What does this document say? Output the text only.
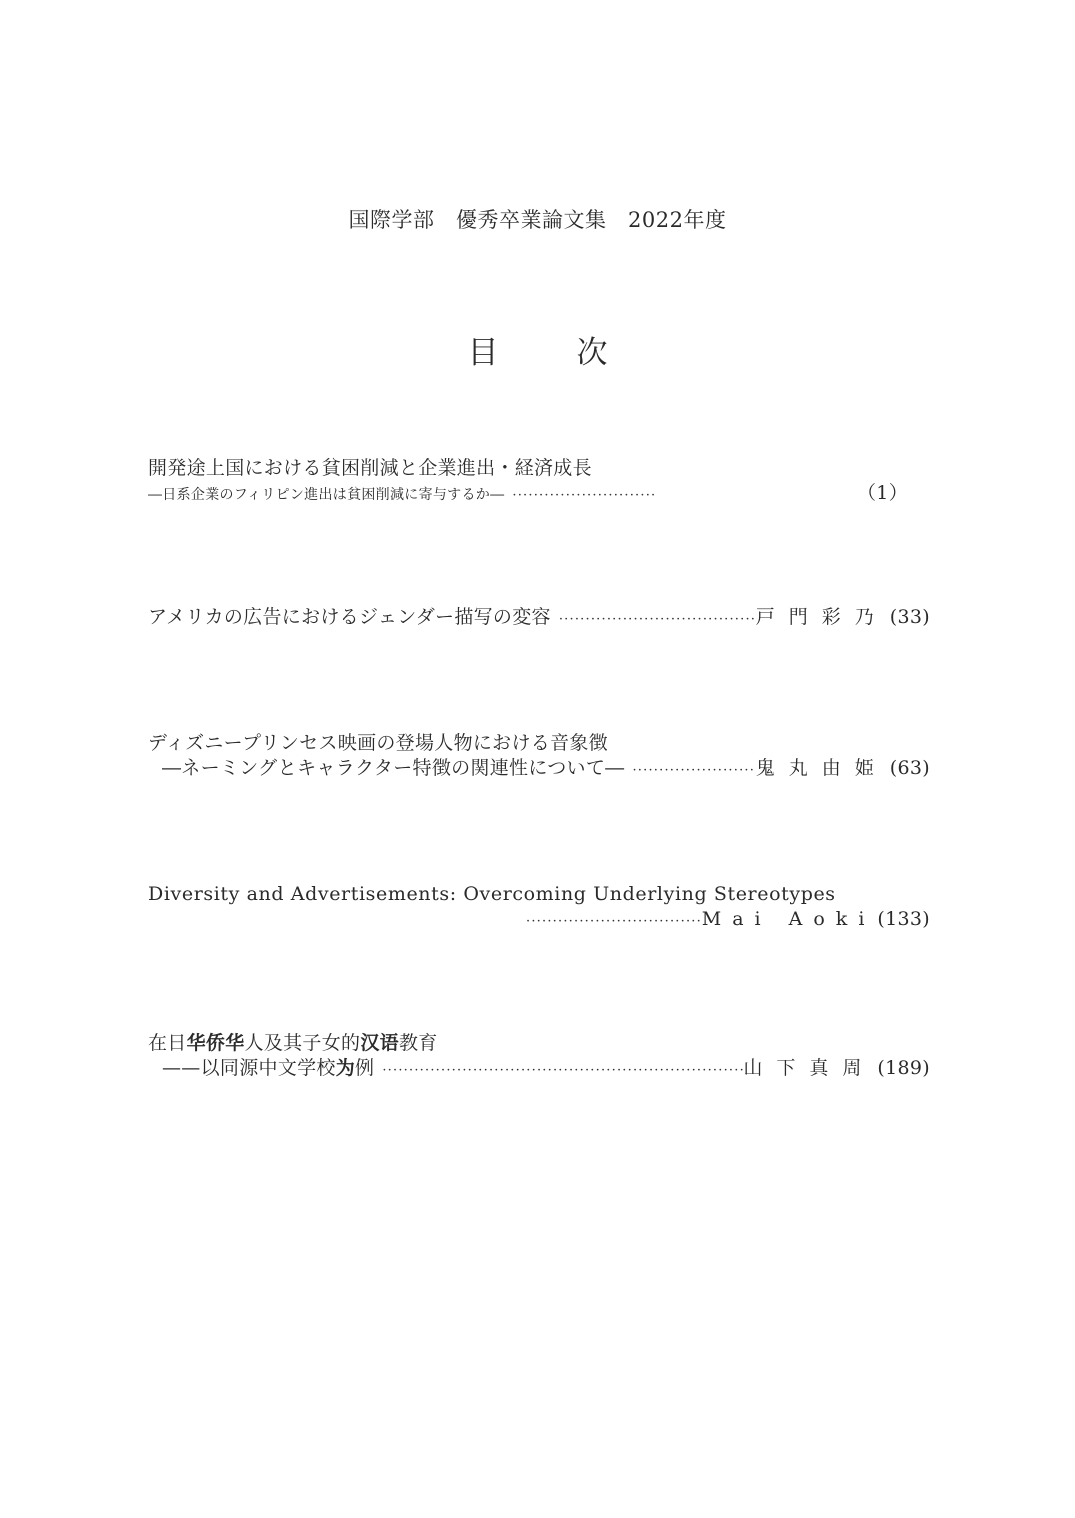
国際学部　優秀卒業論文集　2022年度
目次
開発途上国における貧困削減と企業進出・経済成長
―日系企業のフィリピン進出は貧困削減に寄与するか― ·····	（1）
アメリカの広告におけるジェンダー描写の変容 ·····	戸門彩乃 (33)
ディズニープリンセス映画の登場人物における音象徴
―ネーミングとキャラクター特徴の関連性について― ·····	鬼丸由姫 (63)
Diversity and Advertisements: Overcoming Underlying Stereotypes
·····
Mai Aoki (133)
在日华侨华人及其子女的汉语教育
——以同源中文学校为例 ·····	山下真周 (189)
